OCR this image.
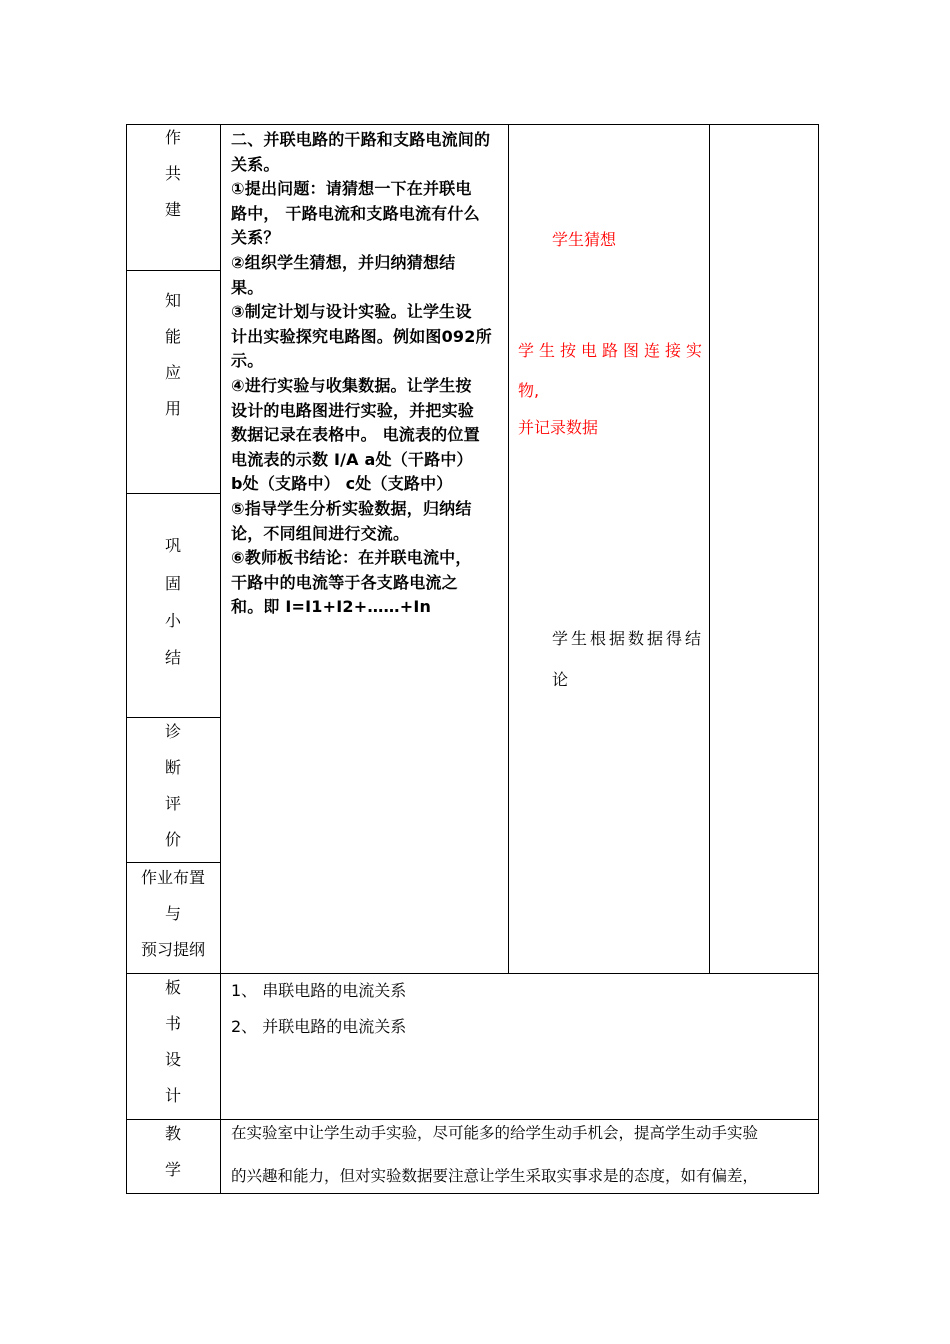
作
共
建
知
能
应
用
巩
固
小
结
诊
断
评
价
作业布置
与
预习提纲
板
书
设
计
教
学
二、并联电路的干路和支路电流间的
关系。
①提出问题：请猜想一下在并联电
路中， 干路电流和支路电流有什么
关系？
②组织学生猜想，并归纳猜想结
果。
③制定计划与设计实验。让学生设
计出实验探究电路图。例如图092所
示。
④进行实验与收集数据。让学生按
设计的电路图进行实验，并把实验
数据记录在表格中。 电流表的位置
电流表的示数 I/A a处（干路中）
b处（支路中） c处（支路中）
⑤指导学生分析实验数据，归纳结
论，不同组间进行交流。
⑥教师板书结论：在并联电流中，
干路中的电流等于各支路电流之
和。即 I=I1+I2+……+In
学生猜想
学生按电路图连接实
物,
并记录数据
学生根据数据得结
论
1、 串联电路的电流关系
2、 并联电路的电流关系
在实验室中让学生动手实验，尽可能多的给学生动手机会，提高学生动手实验
的兴趣和能力，但对实验数据要注意让学生采取实事求是的态度，如有偏差，
